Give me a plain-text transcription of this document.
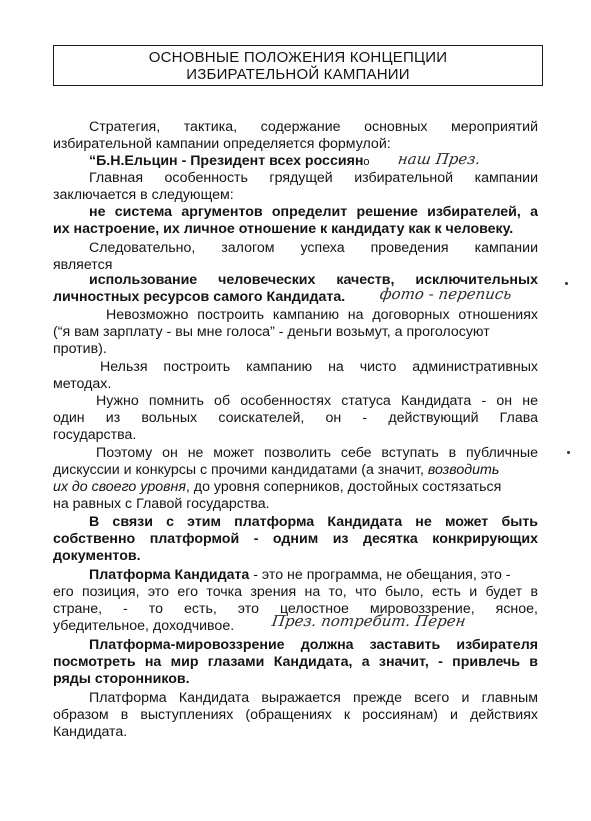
ОСНОВНЫЕ ПОЛОЖЕНИЯ КОНЦЕПЦИИ
ИЗБИРАТЕЛЬНОЙ КАМПАНИИ
Стратегия, тактика, содержание основных мероприятий
избирательной кампании определяется формулой:
“Б.Н.Ельцин - Президент всех россияно	наш През.
Главная особенность грядущей избирательной кампании
заключается в следующем:
не система аргументов определит решение избирателей, а
их настроение, их личное отношение к кандидату как к человеку.
Следовательно, залогом успеха проведения кампании
является
использование человеческих качеств, исключительных
личностных ресурсов самого Кандидата.	фото - перепись
Невозможно построить кампанию на договорных отношениях
(“я вам зарплату - вы мне голоса” - деньги возьмут, а проголосуют
против).
Нельзя построить кампанию на чисто административных
методах.
Нужно помнить об особенностях статуса Кандидата - он не
один из вольных соискателей, он - действующий Глава
государства.
Поэтому он не может позволить себе вступать в публичные
дискуссии и конкурсы с прочими кандидатами (а значит, возводить
их до своего уровня, до уровня соперников, достойных состязаться
на равных с Главой государства.
В связи с этим платформа Кандидата не может быть
собственно платформой - одним из десятка конкрирующих
документов.
Платформа Кандидата - это не программа, не обещания, это -
его позиция, это его точка зрения на то, что было, есть и будет в
стране, - то есть, это целостное мировоззрение, ясное,
убедительное, доходчивое.	През. потребит. Перен
Платформа-мировоззрение должна заставить избирателя
посмотреть на мир глазами Кандидата, а значит, - привлечь в
ряды сторонников.
Платформа Кандидата выражается прежде всего и главным
образом в выступлениях (обращениях к россиянам) и действиях
Кандидата.
